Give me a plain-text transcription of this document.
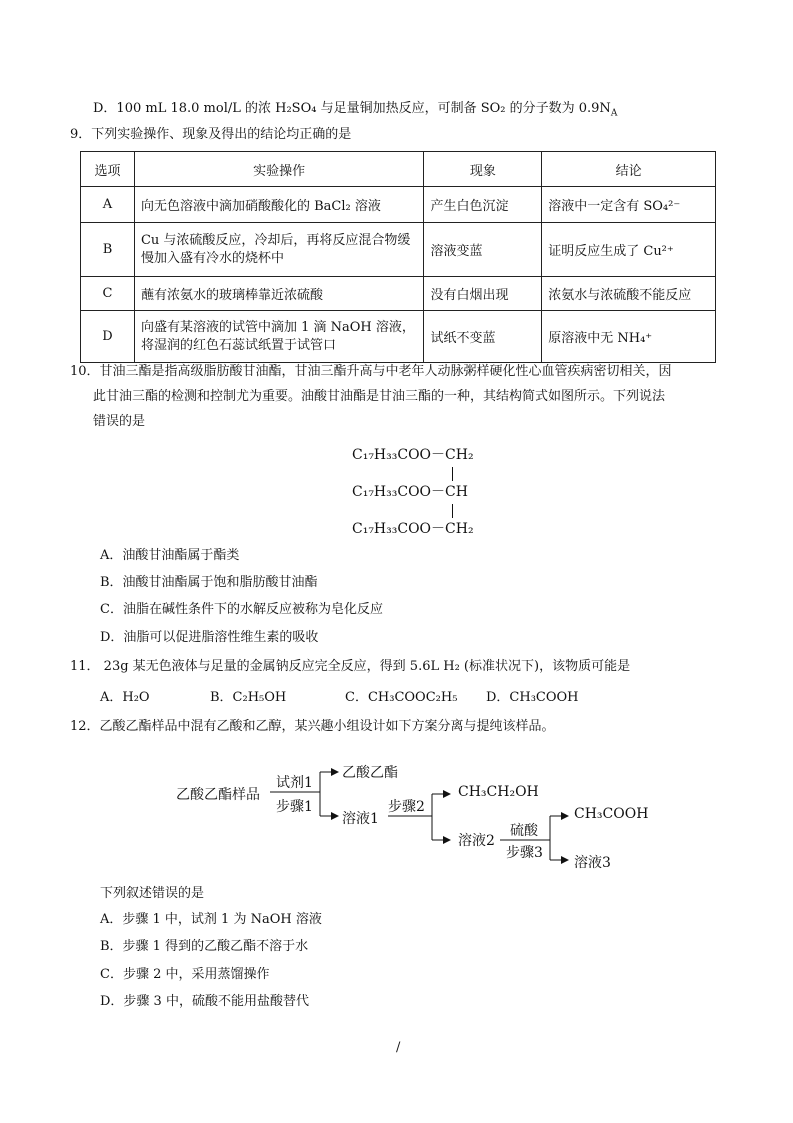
D．100 mL 18.0 mol/L 的浓 H₂SO₄ 与足量铜加热反应，可制备 SO₂ 的分子数为 $0.9N_A$
9．下列实验操作、现象及得出的结论均正确的是
选项	实验操作	现象	结论
A	向无色溶液中滴加硝酸酸化的 BaCl₂ 溶液	产生白色沉淀	溶液中一定含有 SO₄²⁻
B	Cu 与浓硫酸反应，冷却后，再将反应混合物缓慢加入盛有冷水的烧杯中	溶液变蓝	证明反应生成了 Cu²⁺
C	蘸有浓氨水的玻璃棒靠近浓硫酸	没有白烟出现	浓氨水与浓硫酸不能反应
D	向盛有某溶液的试管中滴加 1 滴 NaOH 溶液，将湿润的红色石蕊试纸置于试管口	试纸不变蓝	原溶液中无 NH₄⁺
10．甘油三酯是指高级脂肪酸甘油酯，甘油三酯升高与中老年人动脉粥样硬化性心血管疾病密切相关，因
此甘油三酯的检测和控制尤为重要。油酸甘油酯是甘油三酯的一种，其结构简式如图所示。下列说法
错误的是
C₁₇H₃₃COO－CH₂
C₁₇H₃₃COO－CH
C₁₇H₃₃COO－CH₂
A．油酸甘油酯属于酯类
B．油酸甘油酯属于饱和脂肪酸甘油酯
C．油脂在碱性条件下的水解反应被称为皂化反应
D．油脂可以促进脂溶性维生素的吸收
11． 23g 某无色液体与足量的金属钠反应完全反应，得到 5.6L H₂ (标准状况下)，该物质可能是
A．H₂O	B．C₂H₅OH	C．CH₃COOC₂H₅ D．CH₃COOH
12．乙酸乙酯样品中混有乙酸和乙醇，某兴趣小组设计如下方案分离与提纯该样品。
乙酸乙酯样品
试剂1
步骤1
乙酸乙酯
溶液1
步骤2
CH₃CH₂OH
溶液2
硫酸
步骤3
CH₃COOH
溶液3
下列叙述错误的是
A．步骤 1 中，试剂 1 为 NaOH 溶液
B．步骤 1 得到的乙酸乙酯不溶于水
C．步骤 2 中，采用蒸馏操作
D．步骤 3 中，硫酸不能用盐酸替代
/
